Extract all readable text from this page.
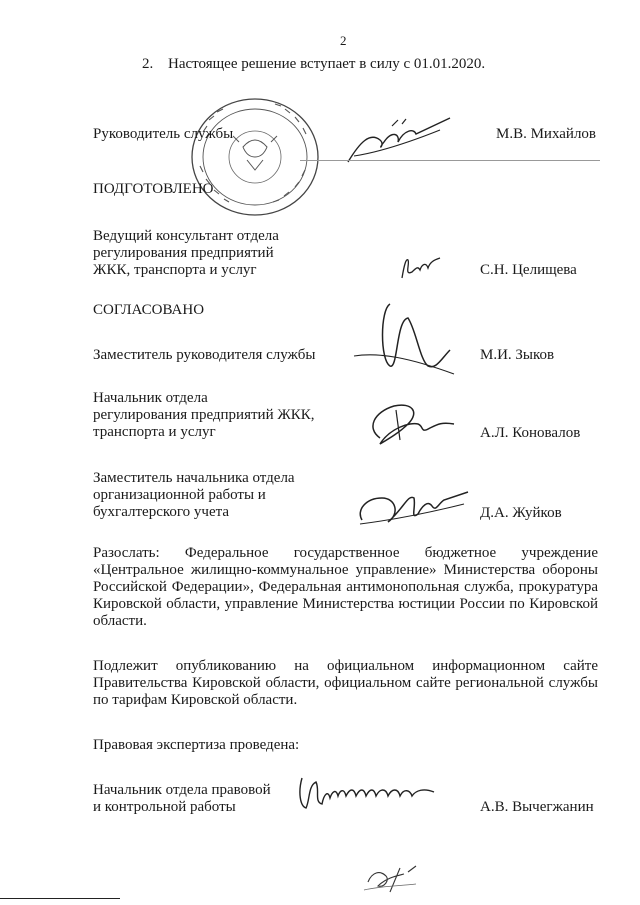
2
2. Настоящее решение вступает в силу с 01.01.2020.
Руководитель службы	М.В. Михайлов
ПОДГОТОВЛЕНО
Ведущий консультант отдела
регулирования предприятий
ЖКК, транспорта и услуг	С.Н. Целищева
СОГЛАСОВАНО
Заместитель руководителя службы	М.И. Зыков
Начальник отдела
регулирования предприятий ЖКК,
транспорта и услуг	А.Л. Коновалов
Заместитель начальника отдела
организационной работы и
бухгалтерского учета	Д.А. Жуйков
Разослать: Федеральное государственное бюджетное учреждение «Центральное жилищно-коммунальное управление» Министерства обороны Российской Федерации», Федеральная антимонопольная служба, прокуратура Кировской области, управление Министерства юстиции России по Кировской области.
Подлежит опубликованию на официальном информационном сайте Правительства Кировской области, официальном сайте региональной службы по тарифам Кировской области.
Правовая экспертиза проведена:
Начальник отдела правовой
и контрольной работы	А.В. Вычегжанин
